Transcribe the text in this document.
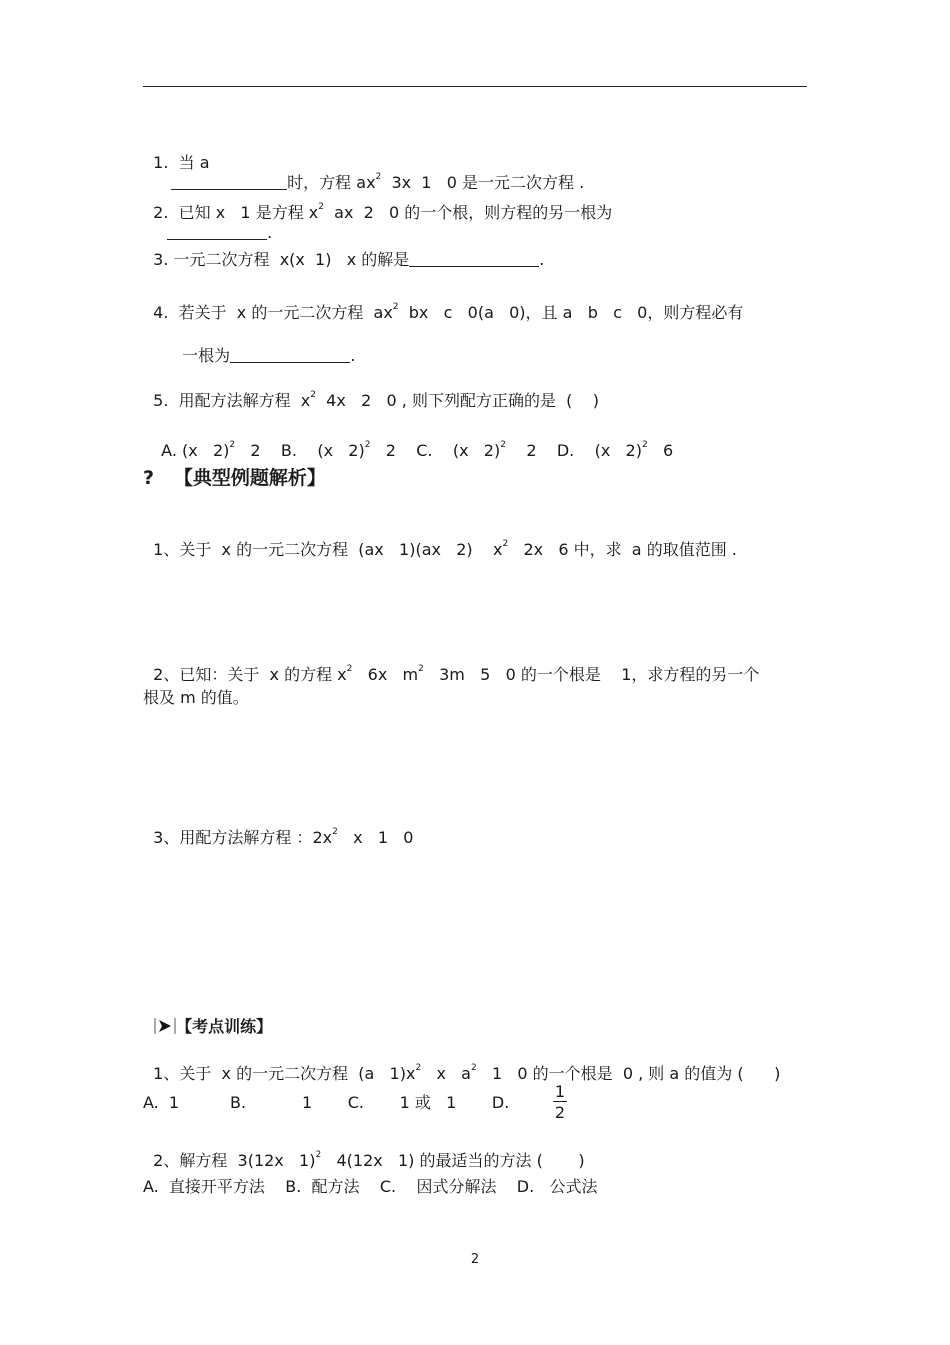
1.  当 a
时，方程 $ax^2$  3x  1   0 是一元二次方程 .

2.  已知 x   1 是方程 $x^2$  ax  2   0 的一个根，则方程的另一根为
.

3. 一元二次方程  x(x  1)   x 的解是	.

4.  若关于  x 的一元二次方程  $ax^2$  bx   c   0(a   0)，且 a   b   c   0，则方程必有

一根为	.

5.  用配方法解方程  $x^2$  4x   2   0 , 则下列配方正确的是  (    )

A. (x   2)$^2$   2    B.    (x   2)$^2$   2    C.    (x   2)$^2$    2    D.    (x   2)$^2$   6

?   【典型例题解析】

1、关于  x 的一元二次方程  (ax   1)(ax   2)    $x^2$   2x   6 中，求  a 的取值范围 .

2、已知：关于  x 的方程 $x^2$   6x   $m^2$   3m   5   0 的一个根是    1，求方程的另一个

根及 m 的值。

3、用配方法解方程 ：$2x^2$   x   1   0

【考点训练】

1、关于  x 的一元二次方程  (a   $1)x^2$   x   $a^2$   1   0 的一个根是  0 , 则 a 的值为 (      )

A.  1          B.           1       C.       1 或   1       D.
1
2

2、解方程  3(12x   1)$^2$   4(12x   1) 的最适当的方法 (       )

A.  直接开平方法    B.  配方法    C.    因式分解法    D.   公式法
2
